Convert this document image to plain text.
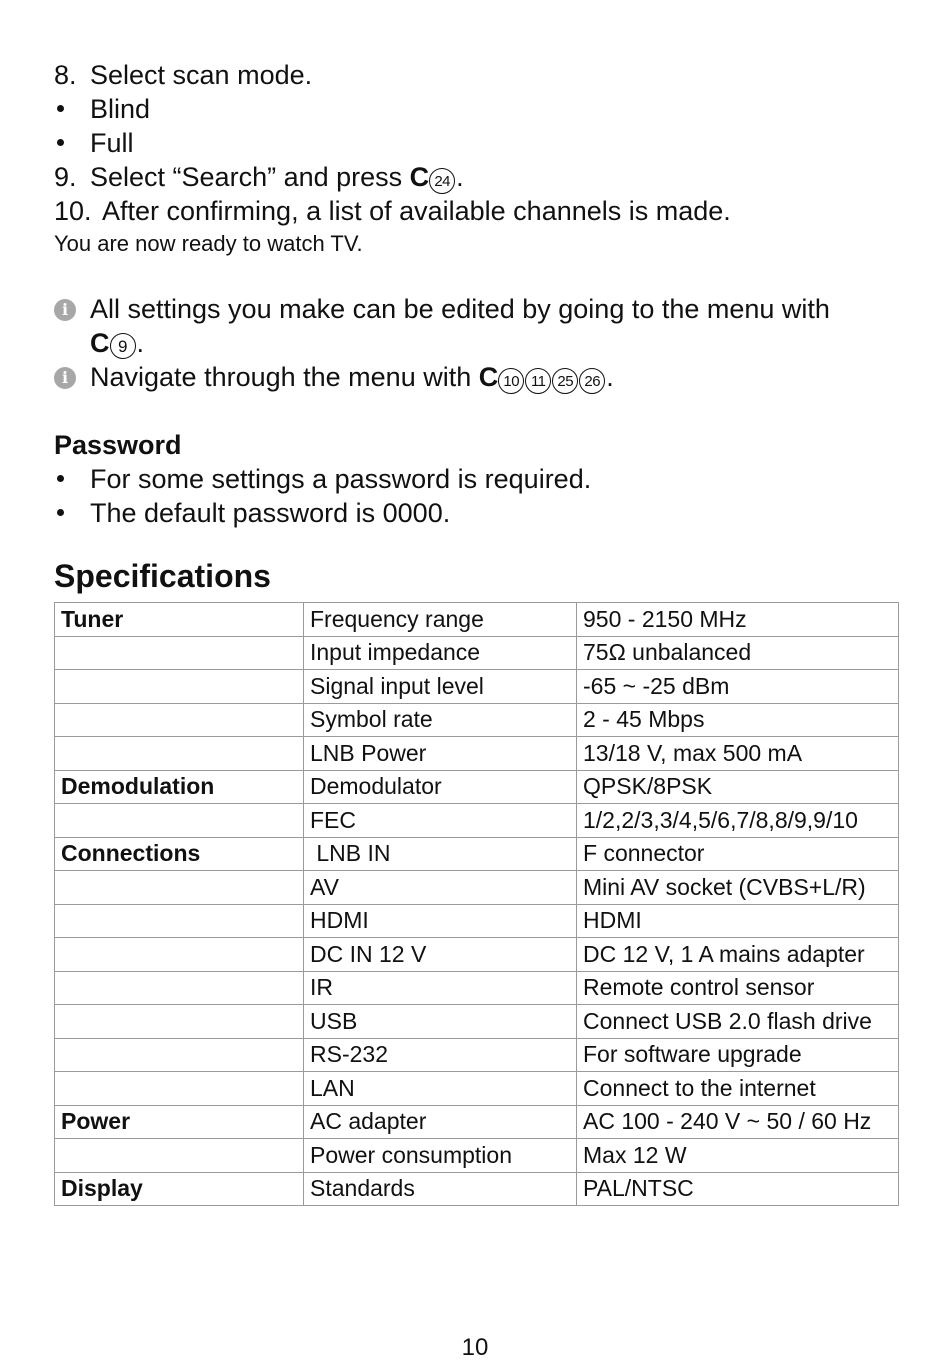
8. Select scan mode.
Blind
Full
9. Select “Search” and press C 24 .
10. After confirming, a list of available channels is made.
You are now ready to watch TV.
i All settings you make can be edited by going to the menu with
C 9 .
i Navigate through the menu with C 10 11 25 26 .
Password
For some settings a password is required.
The default password is 0000.
Specifications
Tuner	Frequency range	950 - 2150 MHz
	Input impedance	75Ω unbalanced
	Signal input level	-65 ~ -25 dBm
	Symbol rate	2 - 45 Mbps
	LNB Power	13/18 V, max 500 mA
Demodulation	Demodulator	QPSK/8PSK
	FEC	1/2,2/3,3/4,5/6,7/8,8/9,9/10
Connections	LNB IN	F connector
	AV	Mini AV socket (CVBS+L/R)
	HDMI	HDMI
	DC IN 12 V	DC 12 V, 1 A mains adapter
	IR	Remote control sensor
	USB	Connect USB 2.0 flash drive
	RS-232	For software upgrade
	LAN	Connect to the internet
Power	AC adapter	AC 100 - 240 V ~ 50 / 60 Hz
	Power consumption	Max 12 W
Display	Standards	PAL/NTSC
10
